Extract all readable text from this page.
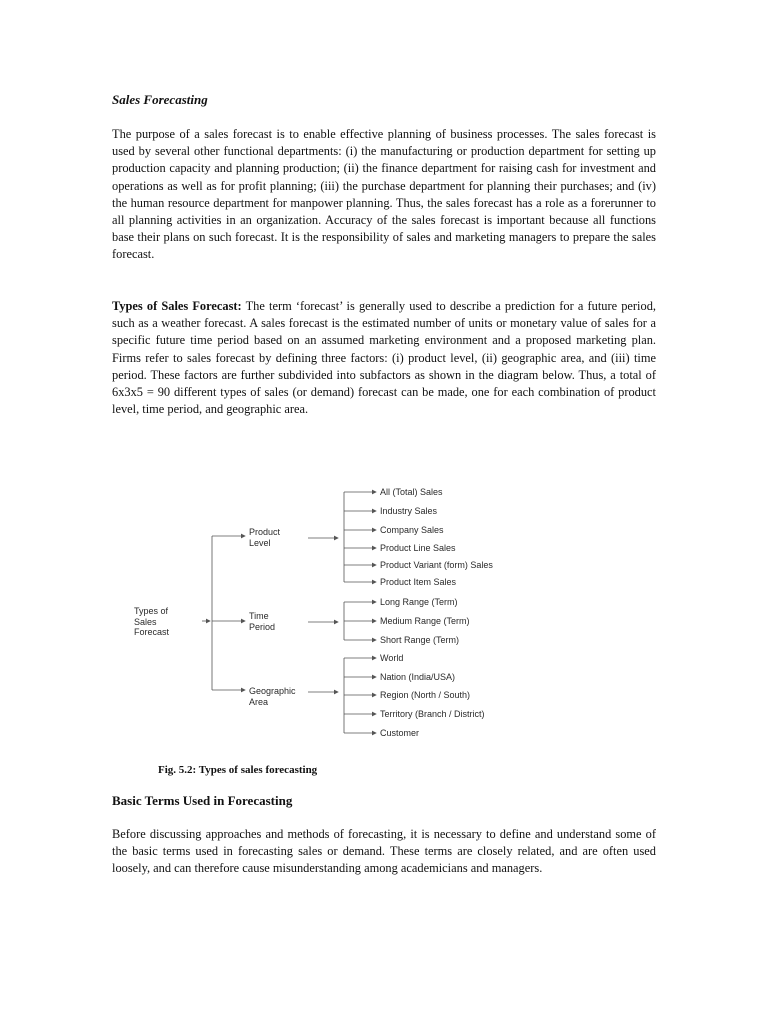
Sales Forecasting
The purpose of a sales forecast is to enable effective planning of business processes. The sales forecast is used by several other functional departments: (i) the manufacturing or production department for setting up production capacity and planning production; (ii) the finance department for raising cash for investment and operations as well as for profit planning; (iii) the purchase department for planning their purchases; and (iv) the human resource department for manpower planning. Thus, the sales forecast has a role as a forerunner to all planning activities in an organization. Accuracy of the sales forecast is important because all functions base their plans on such forecast. It is the responsibility of sales and marketing managers to prepare the sales forecast.
Types of Sales Forecast: The term ‘forecast’ is generally used to describe a prediction for a future period, such as a weather forecast. A sales forecast is the estimated number of units or monetary value of sales for a specific future time period based on an assumed marketing environment and a proposed marketing plan. Firms refer to sales forecast by defining three factors: (i) product level, (ii) geographic area, and (iii) time period. These factors are further subdivided into subfactors as shown in the diagram below. Thus, a total of 6x3x5 = 90 different types of sales (or demand) forecast can be made, one for each combination of product level, time period, and geographic area.
Types of
Sales
Forecast
Product
Level
Time
Period
Geographic
Area
All (Total) Sales
Industry Sales
Company Sales
Product Line Sales
Product Variant (form) Sales
Product Item Sales
Long Range (Term)
Medium Range (Term)
Short Range (Term)
World
Nation (India/USA)
Region (North / South)
Territory (Branch / District)
Customer
Fig. 5.2: Types of sales forecasting
Basic Terms Used in Forecasting
Before discussing approaches and methods of forecasting, it is necessary to define and understand some of the basic terms used in forecasting sales or demand. These terms are closely related, and are often used loosely, and can therefore cause misunderstanding among academicians and managers.
